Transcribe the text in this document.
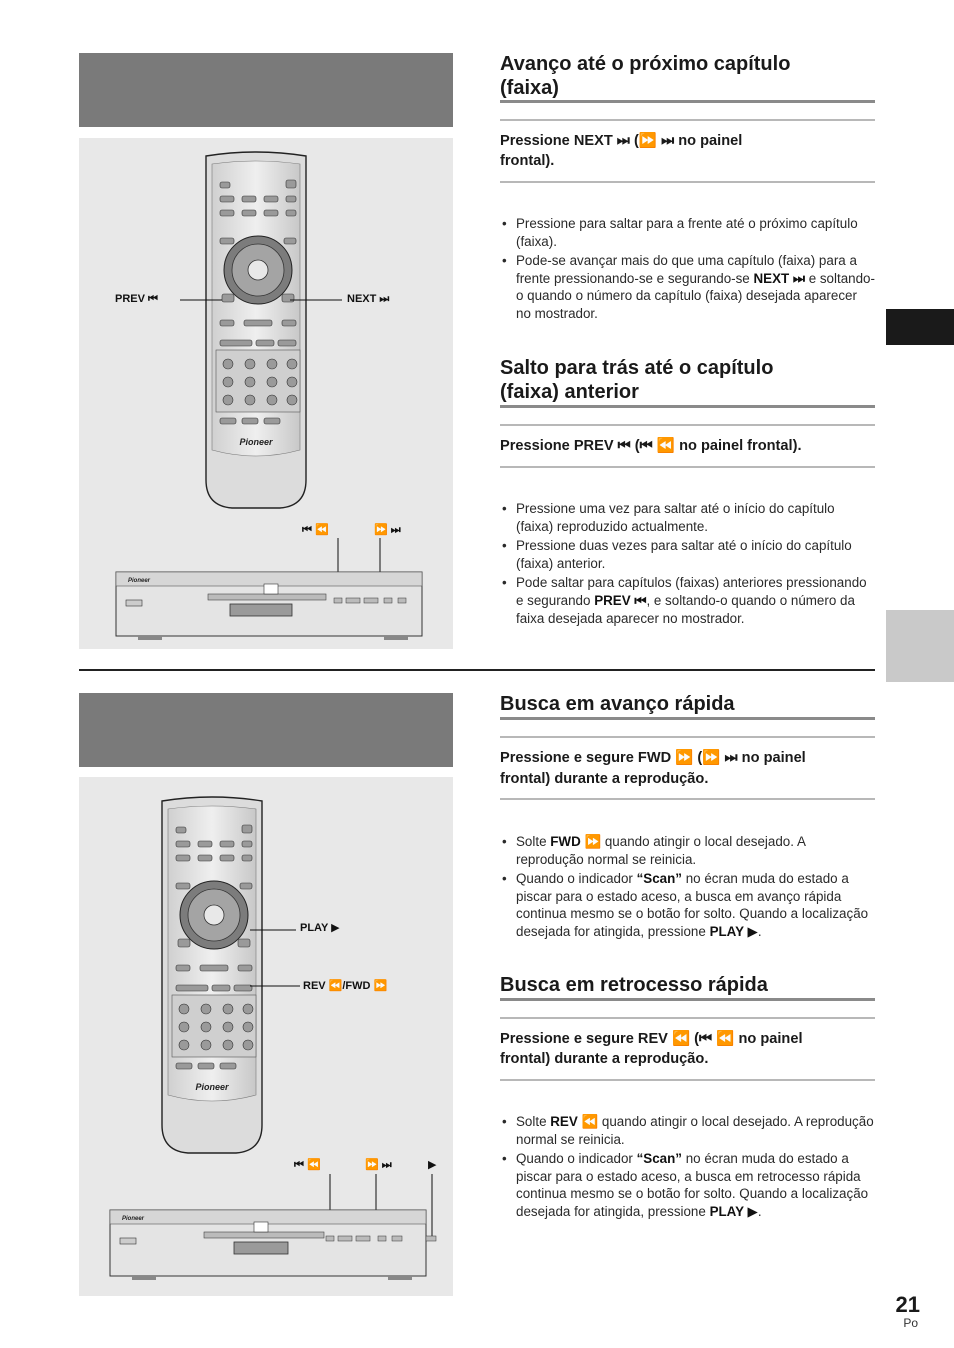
Pioneer
PREV ⏮	NEXT ⏭
⏮ ⏪	⏩ ⏭
Pioneer
Avanço até o próximo capítulo
(faixa)
Pressione NEXT ⏭ (⏩ ⏭ no painel
frontal).
• Pressione para saltar para a frente até o próximo capítulo (faixa).
• Pode-se avançar mais do que uma capítulo (faixa) para a frente pressionando-se e segurando-se NEXT ⏭ e soltando-o quando o número da capítulo (faixa) desejada aparecer no mostrador.
Salto para trás até o capítulo
(faixa) anterior
Pressione PREV ⏮ (⏮ ⏪ no painel frontal).
• Pressione uma vez para saltar até o início do capítulo (faixa) reproduzido actualmente.
• Pressione duas vezes para saltar até o início do capítulo (faixa) anterior.
• Pode saltar para capítulos (faixas) anteriores pressionando e segurando PREV ⏮, e soltando-o quando o número da faixa desejada aparecer no mostrador.
Pioneer
PLAY ▶
REV ⏪/FWD ⏩
⏮ ⏪	⏩ ⏭	▶
Pioneer
Busca em avanço rápida
Pressione e segure FWD ⏩ (⏩ ⏭ no painel
frontal) durante a reprodução.
• Solte FWD ⏩ quando atingir o local desejado. A reprodução normal se reinicia.
• Quando o indicador “Scan” no écran muda do estado a piscar para o estado aceso, a busca em avanço rápida continua mesmo se o botão for solto. Quando a localização desejada for atingida, pressione PLAY ▶.
Busca em retrocesso rápida
Pressione e segure REV ⏪ (⏮ ⏪ no painel
frontal) durante a reprodução.
• Solte REV ⏪ quando atingir o local desejado. A reprodução normal se reinicia.
• Quando o indicador “Scan” no écran muda do estado a piscar para o estado aceso, a busca em retrocesso rápida continua mesmo se o botão for solto. Quando a localização desejada for atingida, pressione PLAY ▶.
21
Po
